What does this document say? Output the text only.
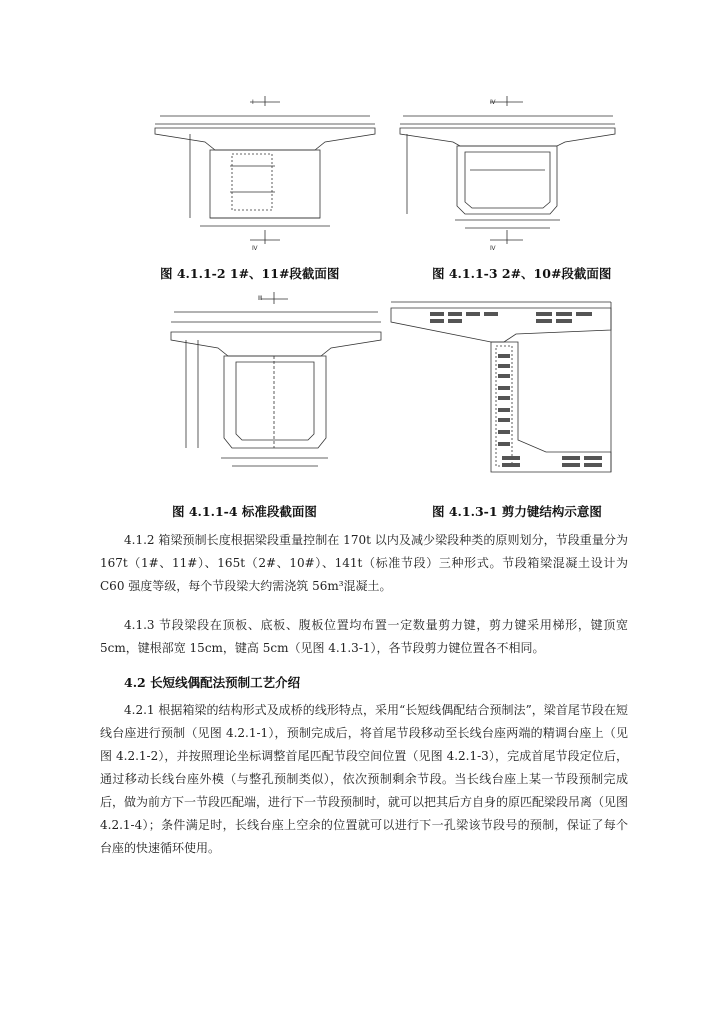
Ⅰ
Ⅳ
图 4.1.1-2 1#、11#段截面图
Ⅳ
Ⅳ
图 4.1.1-3 2#、10#段截面图
Ⅲ
图 4.1.1-4 标准段截面图	图 4.1.3-1 剪力键结构示意图
4.1.2 箱梁预制长度根据梁段重量控制在 170t 以内及减少梁段种类的原则划分，节段重量分为 167t（1#、11#）、165t（2#、10#）、141t（标准节段）三种形式。节段箱梁混凝土设计为 C60 强度等级，每个节段梁大约需浇筑 56m³混凝土。
4.1.3 节段梁段在顶板、底板、腹板位置均布置一定数量剪力键，剪力键采用梯形，键顶宽 5cm，键根部宽 15cm，键高 5cm（见图 4.1.3-1），各节段剪力键位置各不相同。
4.2 长短线偶配法预制工艺介绍
4.2.1 根据箱梁的结构形式及成桥的线形特点，采用“长短线偶配结合预制法”，梁首尾节段在短线台座进行预制（见图 4.2.1-1），预制完成后，将首尾节段移动至长线台座两端的精调台座上（见图 4.2.1-2），并按照理论坐标调整首尾匹配节段空间位置（见图 4.2.1-3），完成首尾节段定位后，通过移动长线台座外模（与整孔预制类似），依次预制剩余节段。当长线台座上某一节段预制完成后，做为前方下一节段匹配端，进行下一节段预制时，就可以把其后方自身的原匹配梁段吊离（见图 4.2.1-4）；条件满足时，长线台座上空余的位置就可以进行下一孔梁该节段号的预制，保证了每个台座的快速循环使用。
